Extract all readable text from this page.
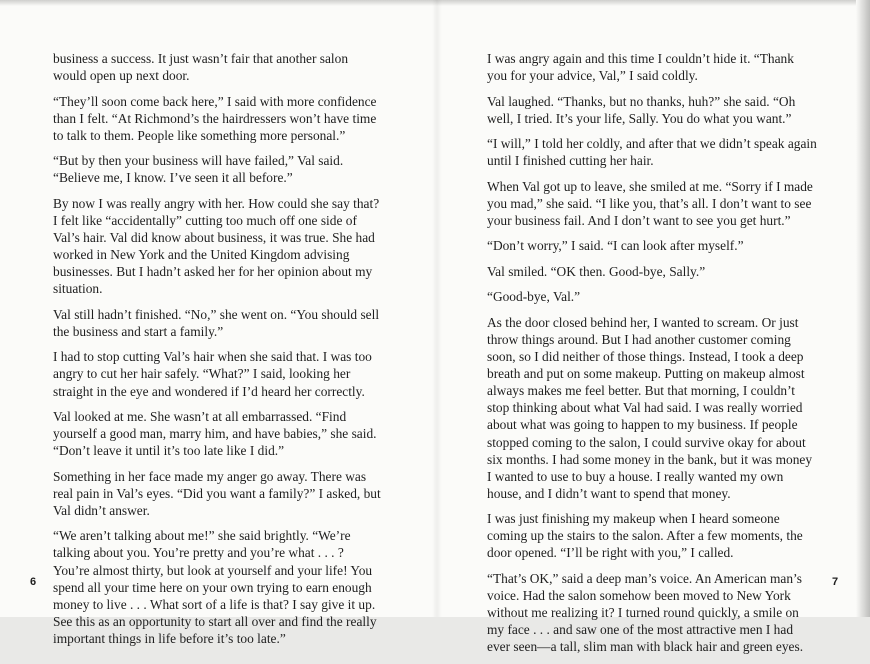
business a success. It just wasn’t fair that another salon would open up next door.

“They’ll soon come back here,” I said with more confidence than I felt. “At Richmond’s the hairdressers won’t have time to talk to them. People like something more personal.”

“But by then your business will have failed,” Val said. “Believe me, I know. I’ve seen it all before.”

By now I was really angry with her. How could she say that? I felt like “accidentally” cutting too much off one side of Val’s hair. Val did know about business, it was true. She had worked in New York and the United Kingdom advising businesses. But I hadn’t asked her for her opinion about my situation.

Val still hadn’t finished. “No,” she went on. “You should sell the business and start a family.”

I had to stop cutting Val’s hair when she said that. I was too angry to cut her hair safely. “What?” I said, looking her straight in the eye and wondered if I’d heard her correctly.

Val looked at me. She wasn’t at all embarrassed. “Find yourself a good man, marry him, and have babies,” she said. “Don’t leave it until it’s too late like I did.”

Something in her face made my anger go away. There was real pain in Val’s eyes. “Did you want a family?” I asked, but Val didn’t answer.

“We aren’t talking about me!” she said brightly. “We’re talking about you. You’re pretty and you’re what . . . ? You’re almost thirty, but look at yourself and your life! You spend all your time here on your own trying to earn enough money to live . . . What sort of a life is that? I say give it up. See this as an opportunity to start all over and find the really important things in life before it’s too late.”

I was angry again and this time I couldn’t hide it. “Thank you for your advice, Val,” I said coldly.

Val laughed. “Thanks, but no thanks, huh?” she said. “Oh well, I tried. It’s your life, Sally. You do what you want.”

“I will,” I told her coldly, and after that we didn’t speak again until I finished cutting her hair.

When Val got up to leave, she smiled at me. “Sorry if I made you mad,” she said. “I like you, that’s all. I don’t want to see your business fail. And I don’t want to see you get hurt.”

“Don’t worry,” I said. “I can look after myself.”

Val smiled. “OK then. Good-bye, Sally.”

“Good-bye, Val.”

As the door closed behind her, I wanted to scream. Or just throw things around. But I had another customer coming soon, so I did neither of those things. Instead, I took a deep breath and put on some makeup. Putting on makeup almost always makes me feel better. But that morning, I couldn’t stop thinking about what Val had said. I was really worried about what was going to happen to my business. If people stopped coming to the salon, I could survive okay for about six months. I had some money in the bank, but it was money I wanted to use to buy a house. I really wanted my own house, and I didn’t want to spend that money.

I was just finishing my makeup when I heard someone coming up the stairs to the salon. After a few moments, the door opened. “I’ll be right with you,” I called.

“That’s OK,” said a deep man’s voice. An American man’s voice. Had the salon somehow been moved to New York without me realizing it? I turned round quickly, a smile on my face . . . and saw one of the most attractive men I had ever seen—a tall, slim man with black hair and green eyes.

6	7
